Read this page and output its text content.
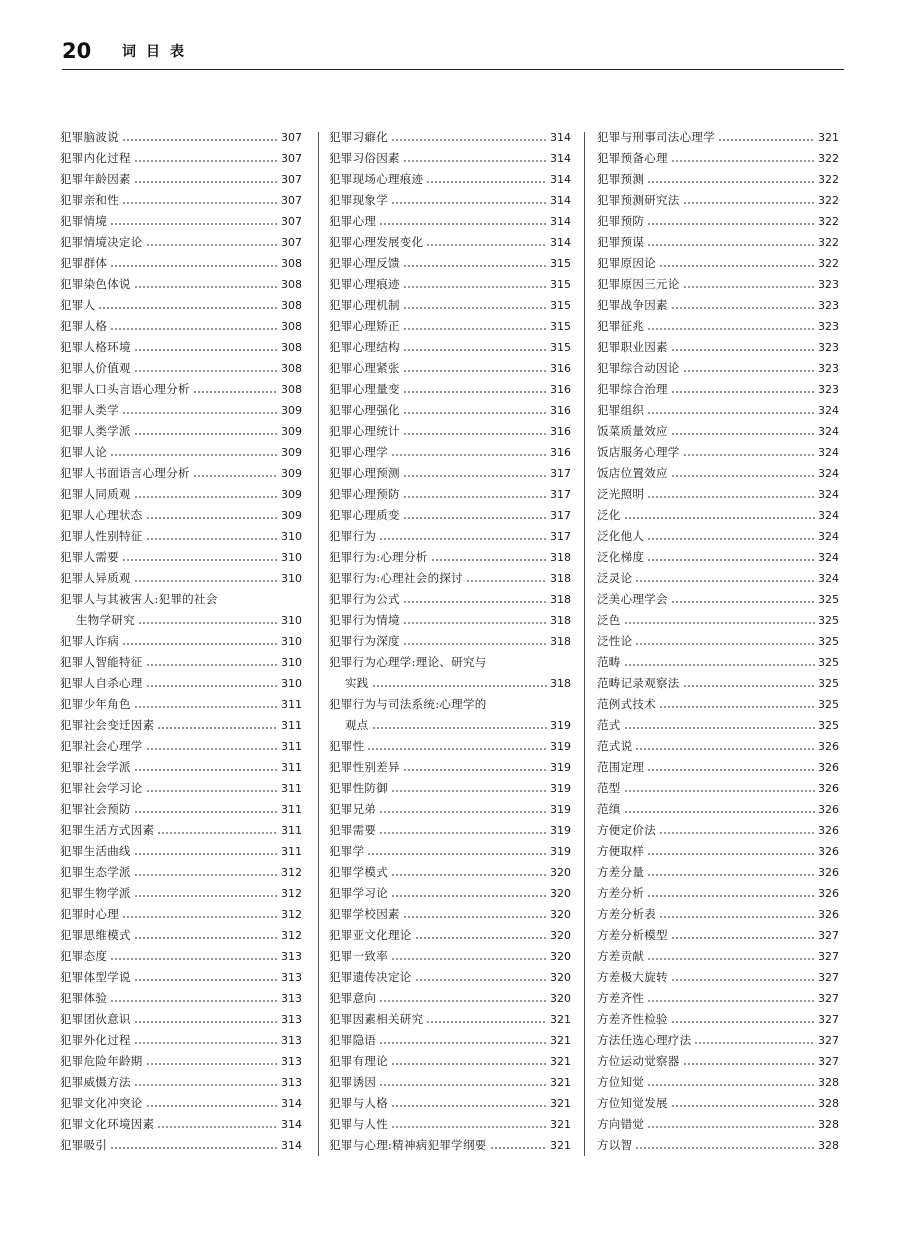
20 词目表
犯罪脑波说	307
犯罪内化过程	307
犯罪年龄因素	307
犯罪亲和性	307
犯罪情境	307
犯罪情境决定论	307
犯罪群体	308
犯罪染色体说	308
犯罪人	308
犯罪人格	308
犯罪人格环境	308
犯罪人价值观	308
犯罪人口头言语心理分析	308
犯罪人类学	309
犯罪人类学派	309
犯罪人论	309
犯罪人书面语言心理分析	309
犯罪人同质观	309
犯罪人心理状态	309
犯罪人性别特征	310
犯罪人需要	310
犯罪人异质观	310
犯罪人与其被害人:犯罪的社会
生物学研究	310
犯罪人诈病	310
犯罪人智能特征	310
犯罪人自杀心理	310
犯罪少年角色	311
犯罪社会变迁因素	311
犯罪社会心理学	311
犯罪社会学派	311
犯罪社会学习论	311
犯罪社会预防	311
犯罪生活方式因素	311
犯罪生活曲线	311
犯罪生态学派	312
犯罪生物学派	312
犯罪时心理	312
犯罪思维模式	312
犯罪态度	313
犯罪体型学说	313
犯罪体验	313
犯罪团伙意识	313
犯罪外化过程	313
犯罪危险年龄期	313
犯罪威慑方法	313
犯罪文化冲突论	314
犯罪文化环境因素	314
犯罪吸引	314
犯罪习癖化	314
犯罪习俗因素	314
犯罪现场心理痕迹	314
犯罪现象学	314
犯罪心理	314
犯罪心理发展变化	314
犯罪心理反馈	315
犯罪心理痕迹	315
犯罪心理机制	315
犯罪心理矫正	315
犯罪心理结构	315
犯罪心理紧张	316
犯罪心理量变	316
犯罪心理强化	316
犯罪心理统计	316
犯罪心理学	316
犯罪心理预测	317
犯罪心理预防	317
犯罪心理质变	317
犯罪行为	317
犯罪行为:心理分析	318
犯罪行为:心理社会的探讨	318
犯罪行为公式	318
犯罪行为情境	318
犯罪行为深度	318
犯罪行为心理学:理论、研究与
实践	318
犯罪行为与司法系统:心理学的
观点	319
犯罪性	319
犯罪性别差异	319
犯罪性防御	319
犯罪兄弟	319
犯罪需要	319
犯罪学	319
犯罪学模式	320
犯罪学习论	320
犯罪学校因素	320
犯罪亚文化理论	320
犯罪一致率	320
犯罪遗传决定论	320
犯罪意向	320
犯罪因素相关研究	321
犯罪隐语	321
犯罪有理论	321
犯罪诱因	321
犯罪与人格	321
犯罪与人性	321
犯罪与心理:精神病犯罪学纲要	321
犯罪与刑事司法心理学	321
犯罪预备心理	322
犯罪预测	322
犯罪预测研究法	322
犯罪预防	322
犯罪预谋	322
犯罪原因论	322
犯罪原因三元论	323
犯罪战争因素	323
犯罪征兆	323
犯罪职业因素	323
犯罪综合动因论	323
犯罪综合治理	323
犯罪组织	324
饭菜质量效应	324
饭店服务心理学	324
饭店位置效应	324
泛光照明	324
泛化	324
泛化他人	324
泛化梯度	324
泛灵论	324
泛美心理学会	325
泛色	325
泛性论	325
范畴	325
范畴记录观察法	325
范例式技术	325
范式	325
范式说	326
范围定理	326
范型	326
范缜	326
方便定价法	326
方便取样	326
方差分量	326
方差分析	326
方差分析表	326
方差分析模型	327
方差贡献	327
方差极大旋转	327
方差齐性	327
方差齐性检验	327
方法任选心理疗法	327
方位运动觉察器	327
方位知觉	328
方位知觉发展	328
方向错觉	328
方以智	328
